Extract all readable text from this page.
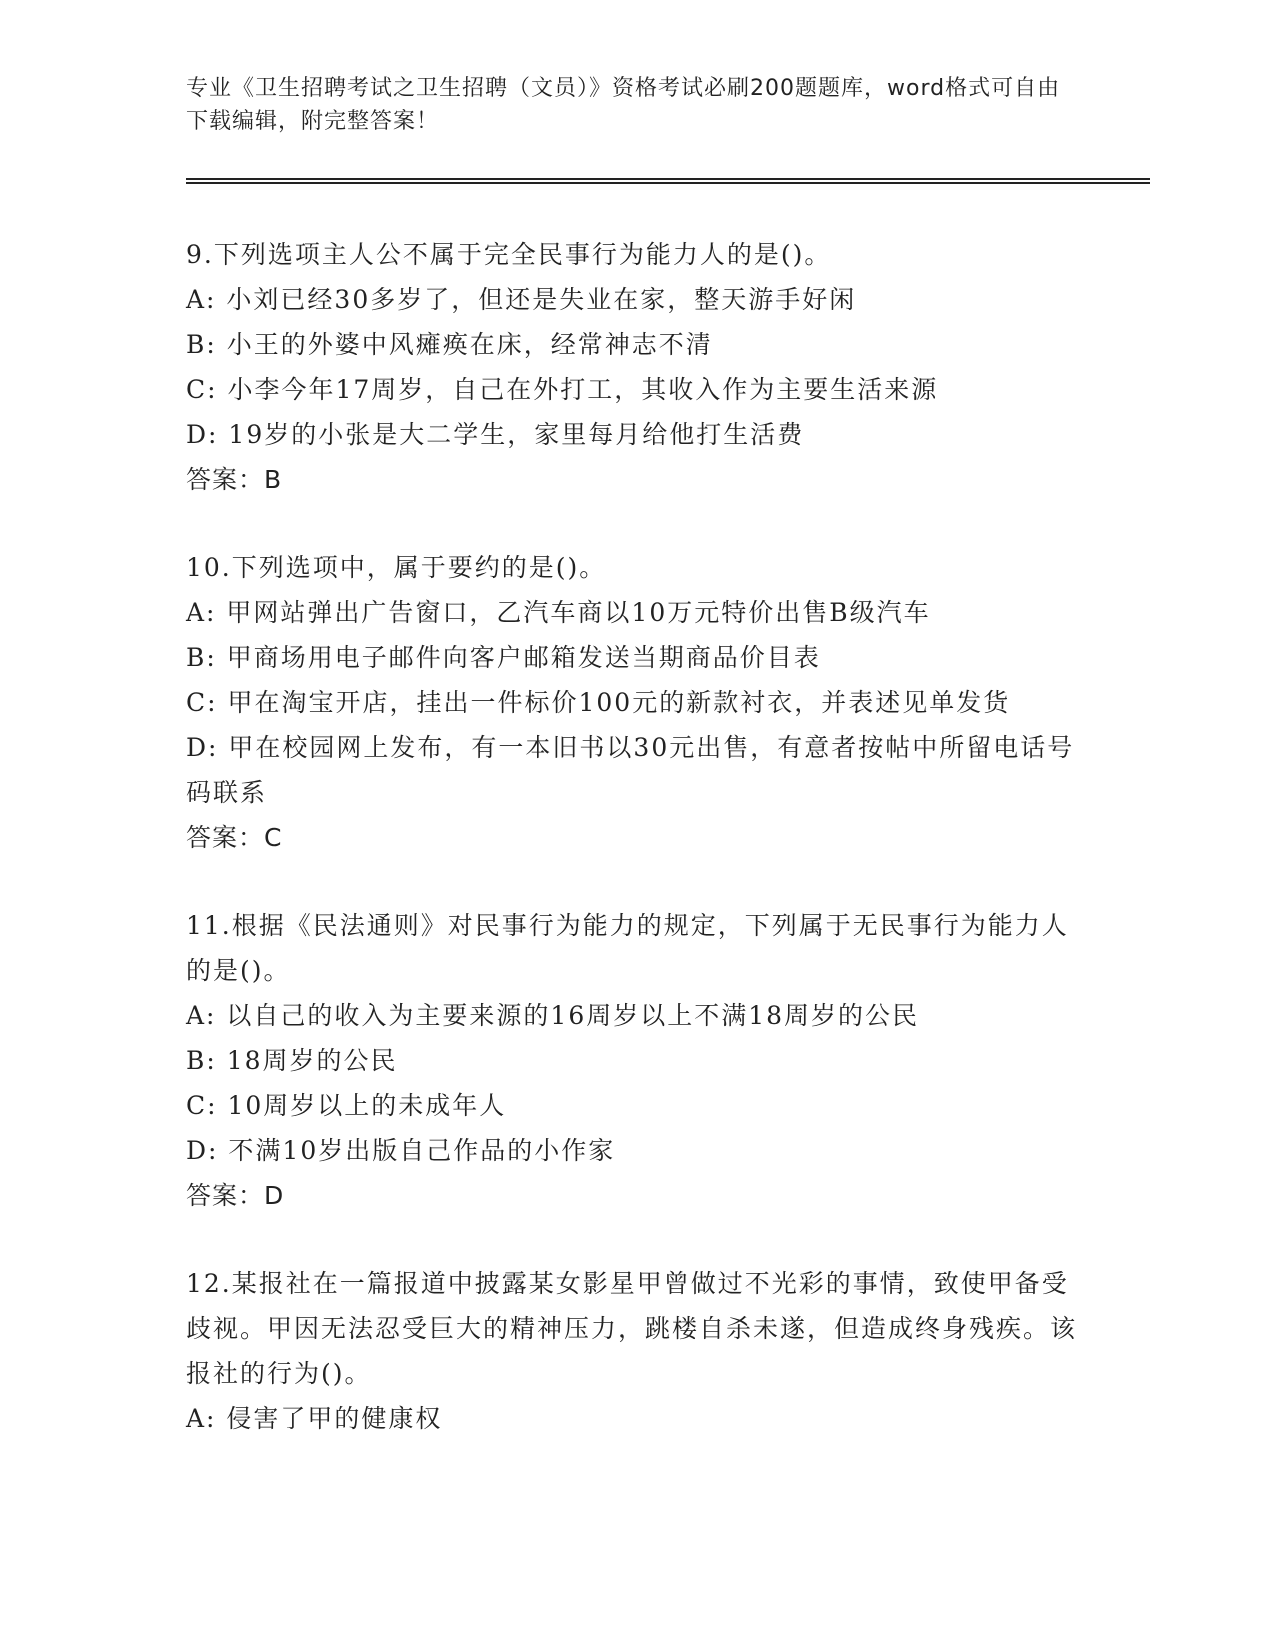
专业《卫生招聘考试之卫生招聘（文员）》资格考试必刷200题题库，word格式可自由下载编辑，附完整答案！

9.下列选项主人公不属于完全民事行为能力人的是()。

A: 小刘已经30多岁了，但还是失业在家，整天游手好闲

B: 小王的外婆中风瘫痪在床，经常神志不清

C: 小李今年17周岁，自己在外打工，其收入作为主要生活来源

D: 19岁的小张是大二学生，家里每月给他打生活费

答案：B

10.下列选项中，属于要约的是()。

A: 甲网站弹出广告窗口，乙汽车商以10万元特价出售B级汽车

B: 甲商场用电子邮件向客户邮箱发送当期商品价目表

C: 甲在淘宝开店，挂出一件标价100元的新款衬衣，并表述见单发货

D: 甲在校园网上发布，有一本旧书以30元出售，有意者按帖中所留电话号码联系

答案：C

11.根据《民法通则》对民事行为能力的规定，下列属于无民事行为能力人的是()。

A: 以自己的收入为主要来源的16周岁以上不满18周岁的公民

B: 18周岁的公民

C: 10周岁以上的未成年人

D: 不满10岁出版自己作品的小作家

答案：D

12.某报社在一篇报道中披露某女影星甲曾做过不光彩的事情，致使甲备受歧视。甲因无法忍受巨大的精神压力，跳楼自杀未遂，但造成终身残疾。该报社的行为()。

A: 侵害了甲的健康权
